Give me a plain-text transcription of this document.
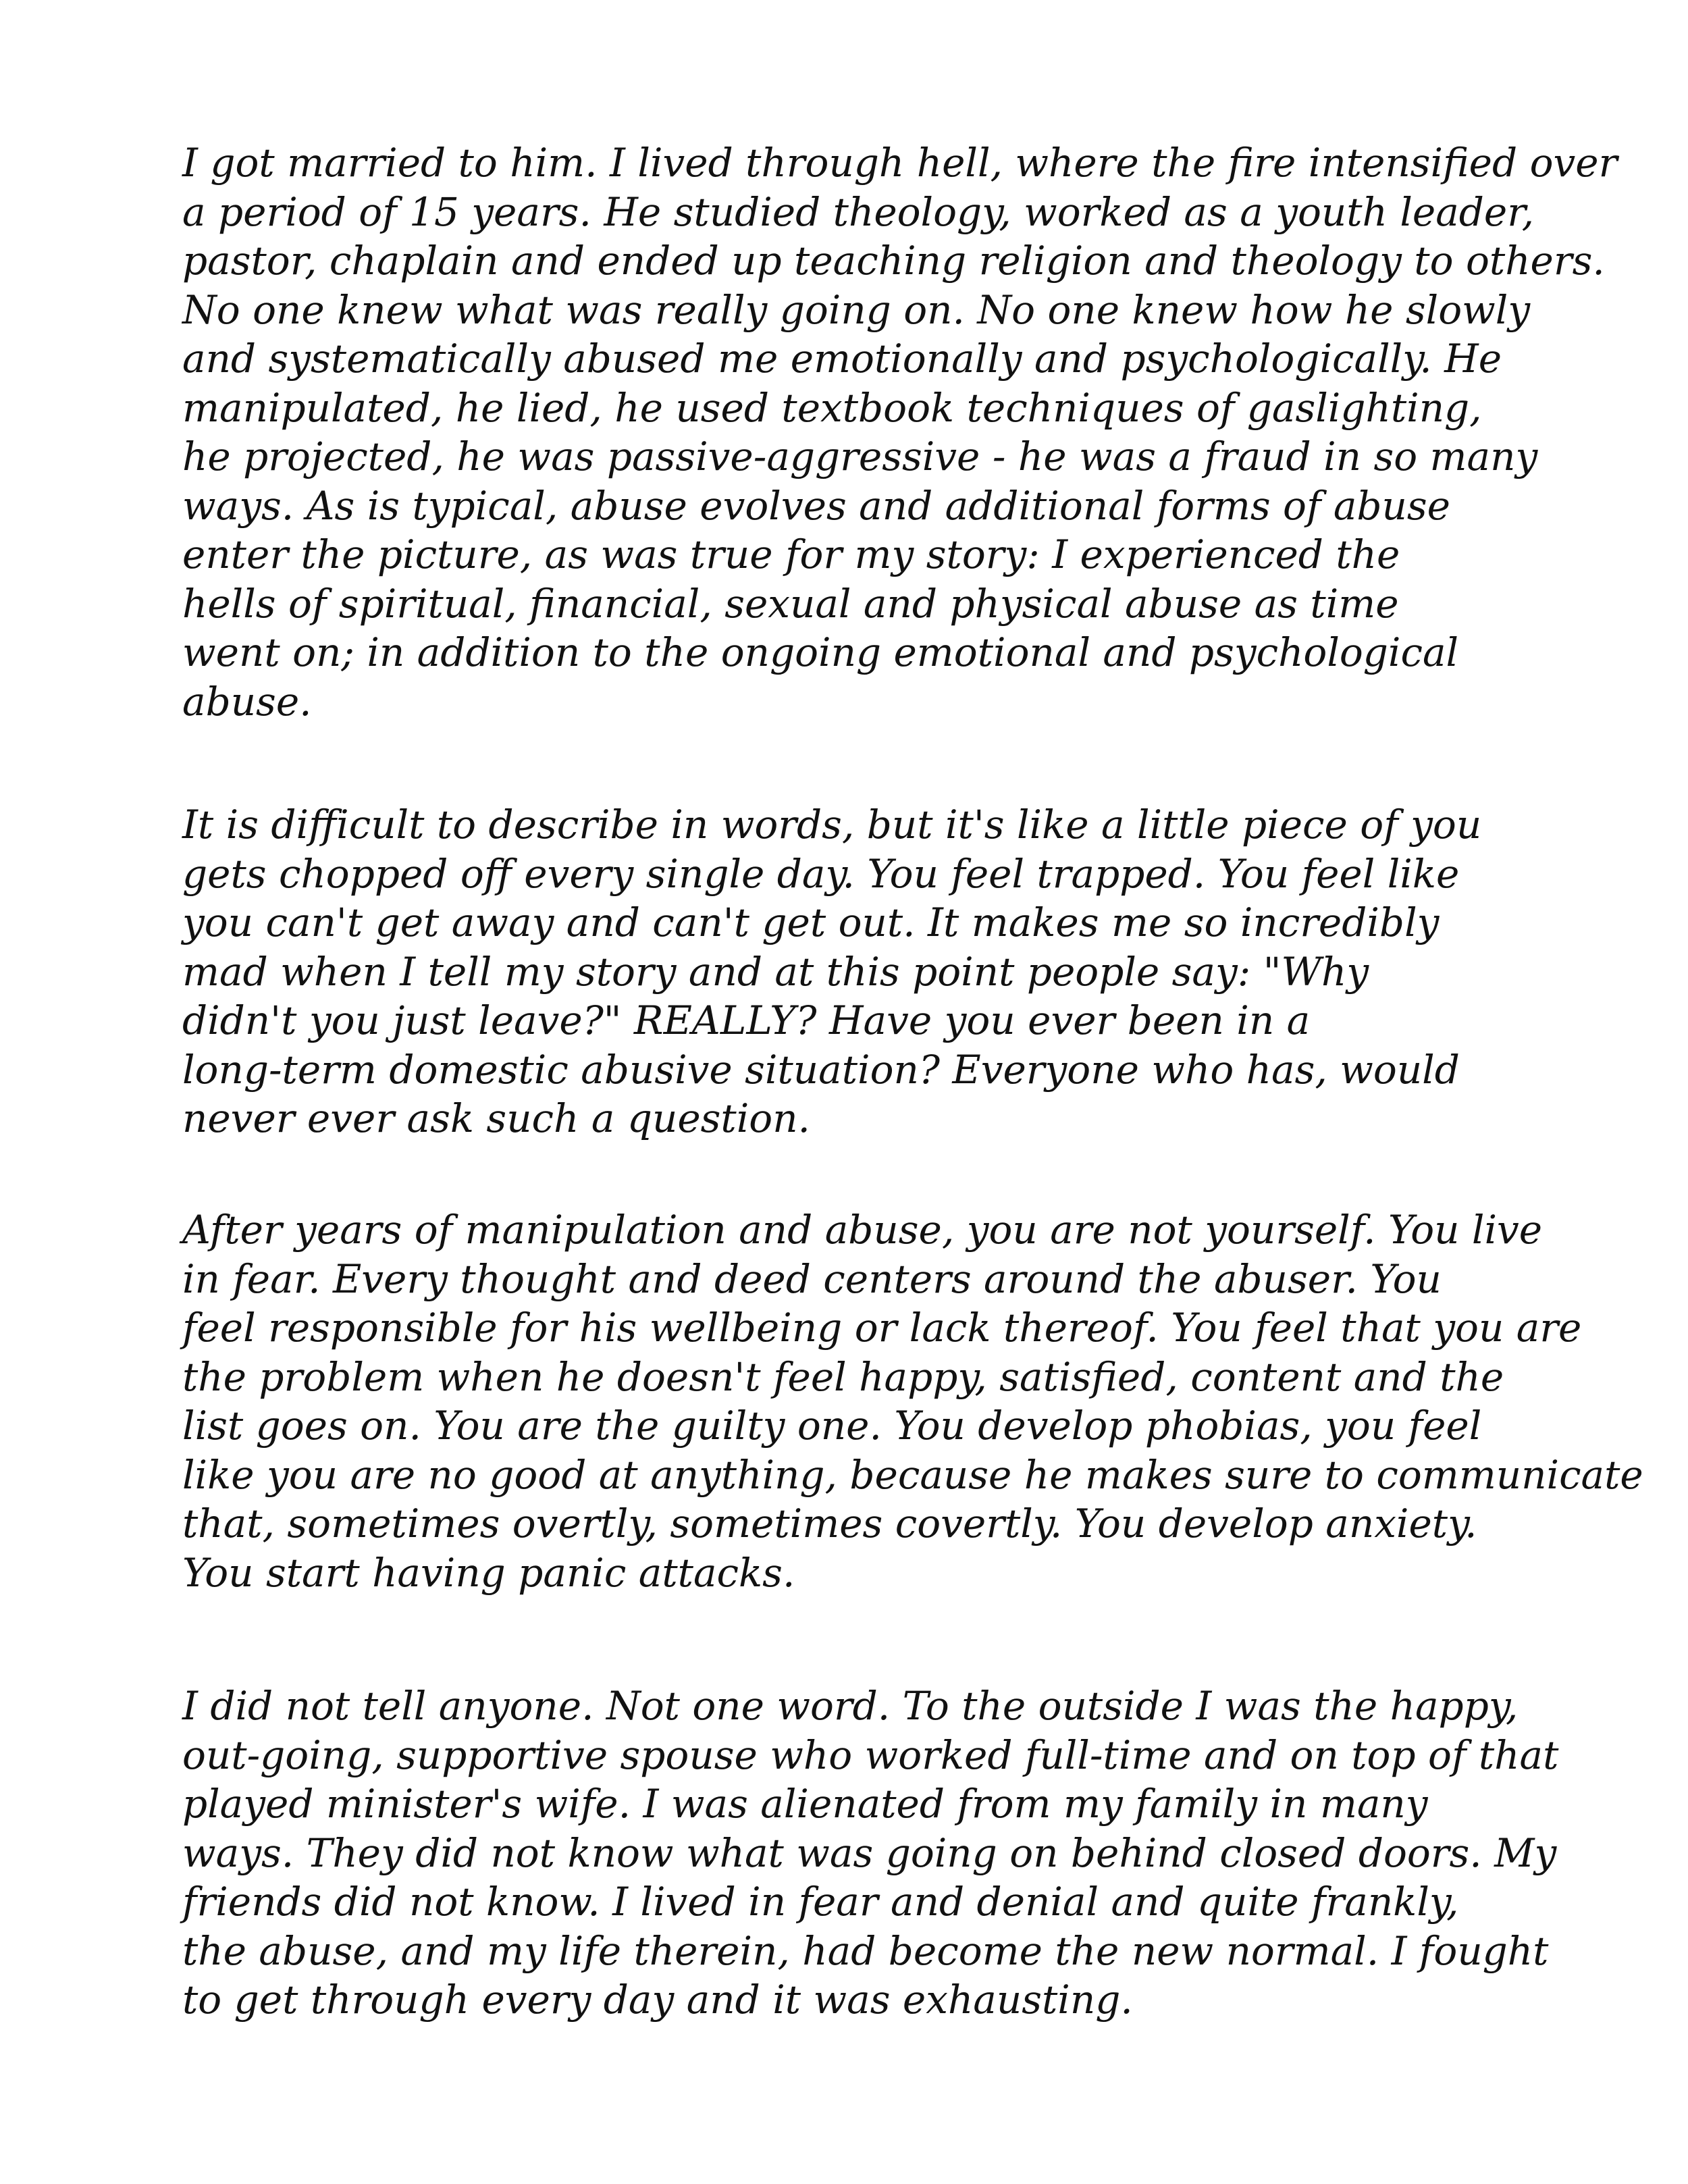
I got married to him. I lived through hell, where the fire intensified over
a period of 15 years. He studied theology, worked as a youth leader,
pastor, chaplain and ended up teaching religion and theology to others.
No one knew what was really going on. No one knew how he slowly
and systematically abused me emotionally and psychologically. He
manipulated, he lied, he used textbook techniques of gaslighting,
he projected, he was passive-aggressive - he was a fraud in so many
ways. As is typical, abuse evolves and additional forms of abuse
enter the picture, as was true for my story: I experienced the
hells of spiritual, financial, sexual and physical abuse as time
went on; in addition to the ongoing emotional and psychological
abuse.
It is difficult to describe in words, but it's like a little piece of you
gets chopped off every single day. You feel trapped. You feel like
you can't get away and can't get out. It makes me so incredibly
mad when I tell my story and at this point people say: "Why
didn't you just leave?" REALLY? Have you ever been in a
long-term domestic abusive situation? Everyone who has, would
never ever ask such a question.
After years of manipulation and abuse, you are not yourself. You live
in fear. Every thought and deed centers around the abuser. You
feel responsible for his wellbeing or lack thereof. You feel that you are
the problem when he doesn't feel happy, satisfied, content and the
list goes on. You are the guilty one. You develop phobias, you feel
like you are no good at anything, because he makes sure to communicate
that, sometimes overtly, sometimes covertly. You develop anxiety.
You start having panic attacks.
I did not tell anyone. Not one word. To the outside I was the happy,
out-going, supportive spouse who worked full-time and on top of that
played minister's wife. I was alienated from my family in many
ways. They did not know what was going on behind closed doors. My
friends did not know. I lived in fear and denial and quite frankly,
the abuse, and my life therein, had become the new normal. I fought
to get through every day and it was exhausting.
